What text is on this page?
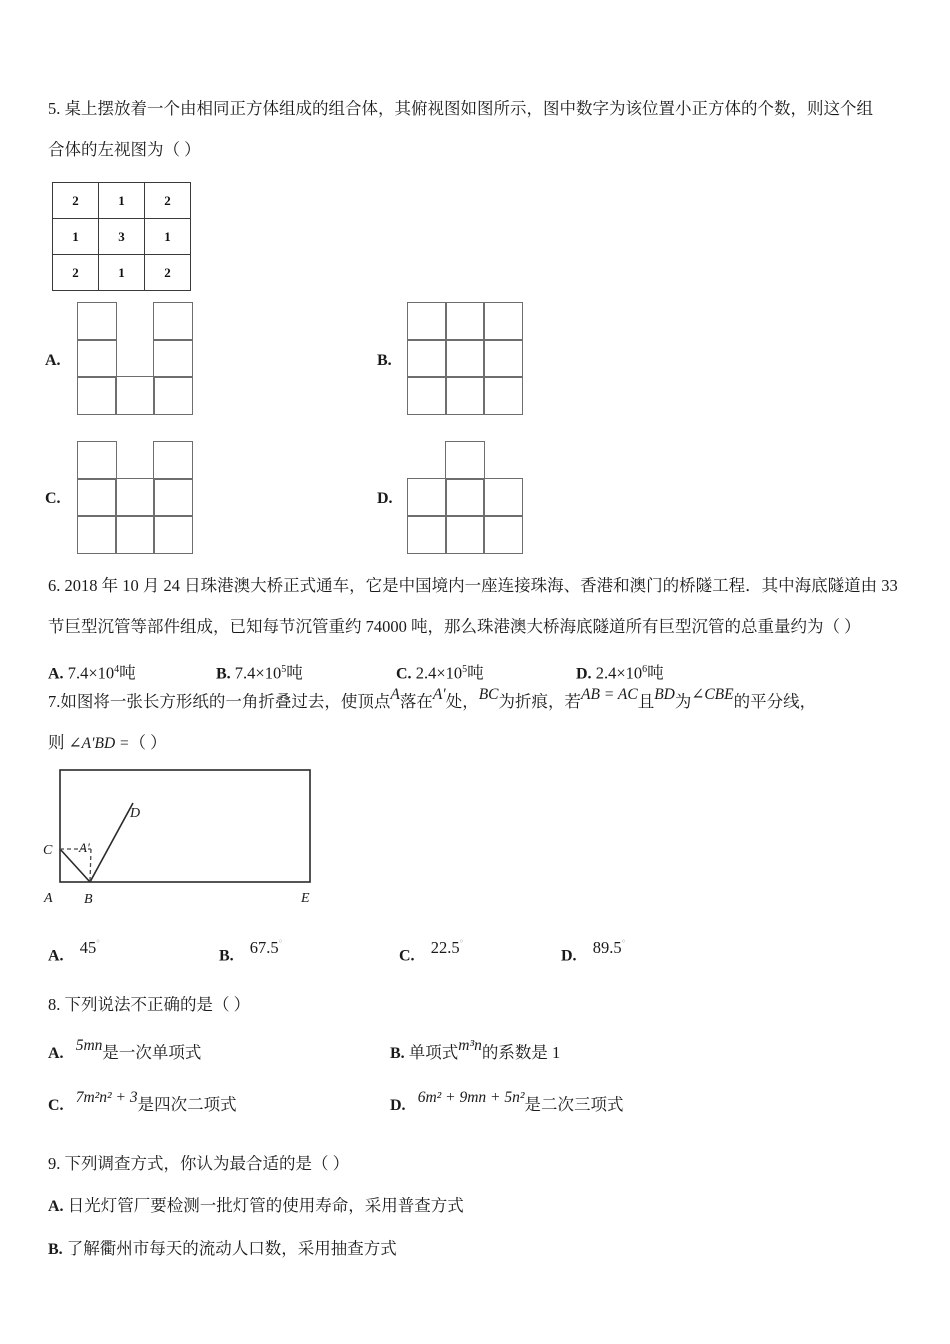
5. 桌上摆放着一个由相同正方体组成的组合体，其俯视图如图所示，图中数字为该位置小正方体的个数，则这个组
合体的左视图为（ ）
2	1	2
1	3	1
2	1	2
A.	B.
C.	D.
6. 2018 年 10 月 24 日珠港澳大桥正式通车，它是中国境内一座连接珠海、香港和澳门的桥隧工程．其中海底隧道由 33
节巨型沉管等部件组成，已知每节沉管重约 74000 吨，那么珠港澳大桥海底隧道所有巨型沉管的总重量约为（ ）
A. $7.4\times 10^4$吨	B. $7.4\times 10^5$吨	C. $2.4\times 10^5$吨	D. $2.4\times 10^6$吨
7.如图将一张长方形纸的一角折叠过去，使顶点A落在A′处，BC为折痕，若AB = AC且BD为∠CBE的平分线，
则 ∠A′BD =（ ）
C A′
D
A B	E
A. 45°
B. 67.5°
C. 22.5°
D. 89.5°
8. 下列说法不正确的是（ ）
A. 5mn是一次单项式	B. 单项式m³n的系数是 1
C. 7m²n² + 3是四次二项式	D. 6m² + 9mn + 5n²是二次三项式
9. 下列调查方式，你认为最合适的是（ ）
A. 日光灯管厂要检测一批灯管的使用寿命，采用普查方式
B. 了解衢州市每天的流动人口数，采用抽查方式
